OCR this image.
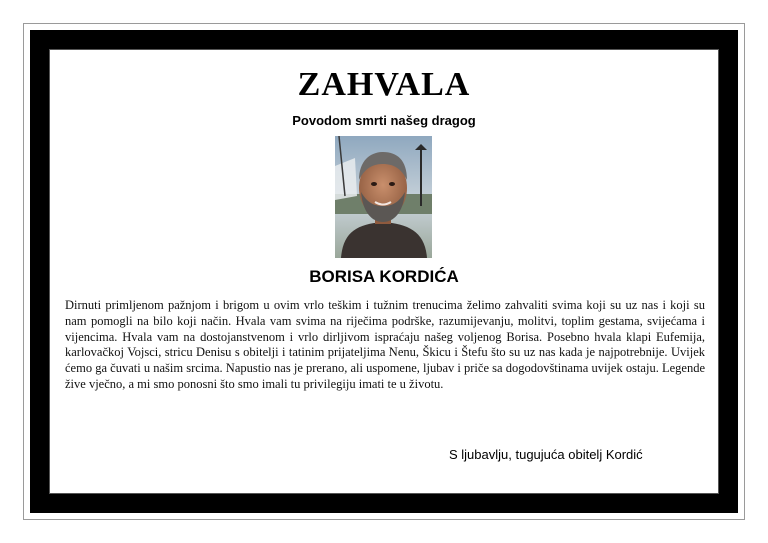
ZAHVALA
Povodom smrti našeg dragog
BORISA KORDIĆA

Dirnuti primljenom pažnjom i brigom u ovim vrlo teškim i tužnim trenucima želimo zahvaliti svima koji su uz nas i koji su nam pomogli na bilo koji način. Hvala vam svima na riječima podrške, razumijevanju, molitvi, toplim gestama, svijećama i vijencima. Hvala vam na dostojanstvenom i vrlo dirljivom ispraćaju našeg voljenog Borisa. Posebno hvala klapi Eufemija, karlovačkoj Vojsci, stricu Denisu s obitelji i tatinim prijateljima Nenu, Škicu i Štefu što su uz nas kada je najpotrebnije. Uvijek ćemo ga čuvati u našim srcima. Napustio nas je prerano, ali uspomene, ljubav i priče sa dogodovštinama uvijek ostaju. Legende žive vječno, a mi smo ponosni što smo imali tu privilegiju imati te u životu.

S ljubavlju, tugujuća obitelj Kordić
